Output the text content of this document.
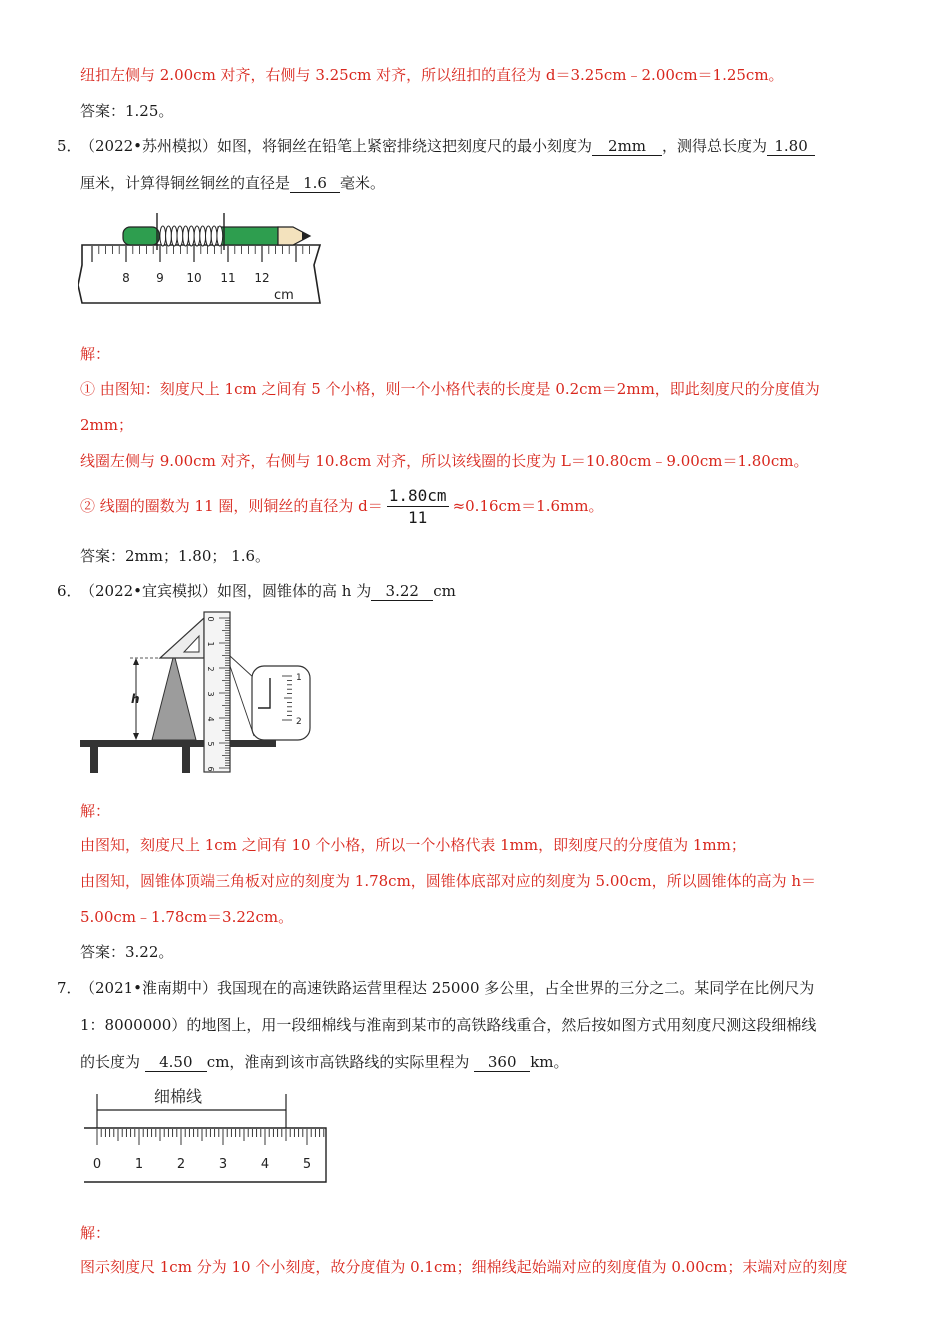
纽扣左侧与 2.00cm 对齐，右侧与 3.25cm 对齐，所以纽扣的直径为 d＝3.25cm﹣2.00cm＝1.25cm。
答案：1.25。
5．
（2022•苏州模拟）如图，将铜丝在铅笔上紧密排绕这把刻度尺的最小刻度为 2mm ，测得总长度为 1.80
厘米，计算得铜丝铜丝的直径是 1.6 毫米。
8 9 10 11 12
cm
解：
① 由图知：刻度尺上 1cm 之间有 5 个小格，则一个小格代表的长度是 0.2cm＝2mm，即此刻度尺的分度值为
2mm；
线圈左侧与 9.00cm 对齐，右侧与 10.8cm 对齐，所以该线圈的长度为 L＝10.80cm﹣9.00cm＝1.80cm。
② 线圈的圈数为 11 圈，则铜丝的直径为 $d= \frac{1.80cm}{11} \approx 0.16cm=1.6mm$。
答案：2mm；1.80； 1.6。
6．
（2022•宜宾模拟）如图，圆锥体的高 h 为 3.22 cm
h
0
1
2
3
4
5
6
1
2
解：
由图知，刻度尺上 1cm 之间有 10 个小格，所以一个小格代表 1mm，即刻度尺的分度值为 1mm；
由图知，圆锥体顶端三角板对应的刻度为 1.78cm，圆锥体底部对应的刻度为 5.00cm，所以圆锥体的高为 h＝
5.00cm﹣1.78cm＝3.22cm。
答案：3.22。
7．
（2021•淮南期中）我国现在的高速铁路运营里程达 25000 多公里，占全世界的三分之二。某同学在比例尺为
1：8000000）的地图上，用一段细棉线与淮南到某市的高铁路线重合，然后按如图方式用刻度尺测这段细棉线
的长度为 4.50 cm，淮南到该市高铁路线的实际里程为 360 km。
细棉线
0	1	2	3	4	5
解：
图示刻度尺 1cm 分为 10 个小刻度，故分度值为 0.1cm；细棉线起始端对应的刻度值为 0.00cm；末端对应的刻度
